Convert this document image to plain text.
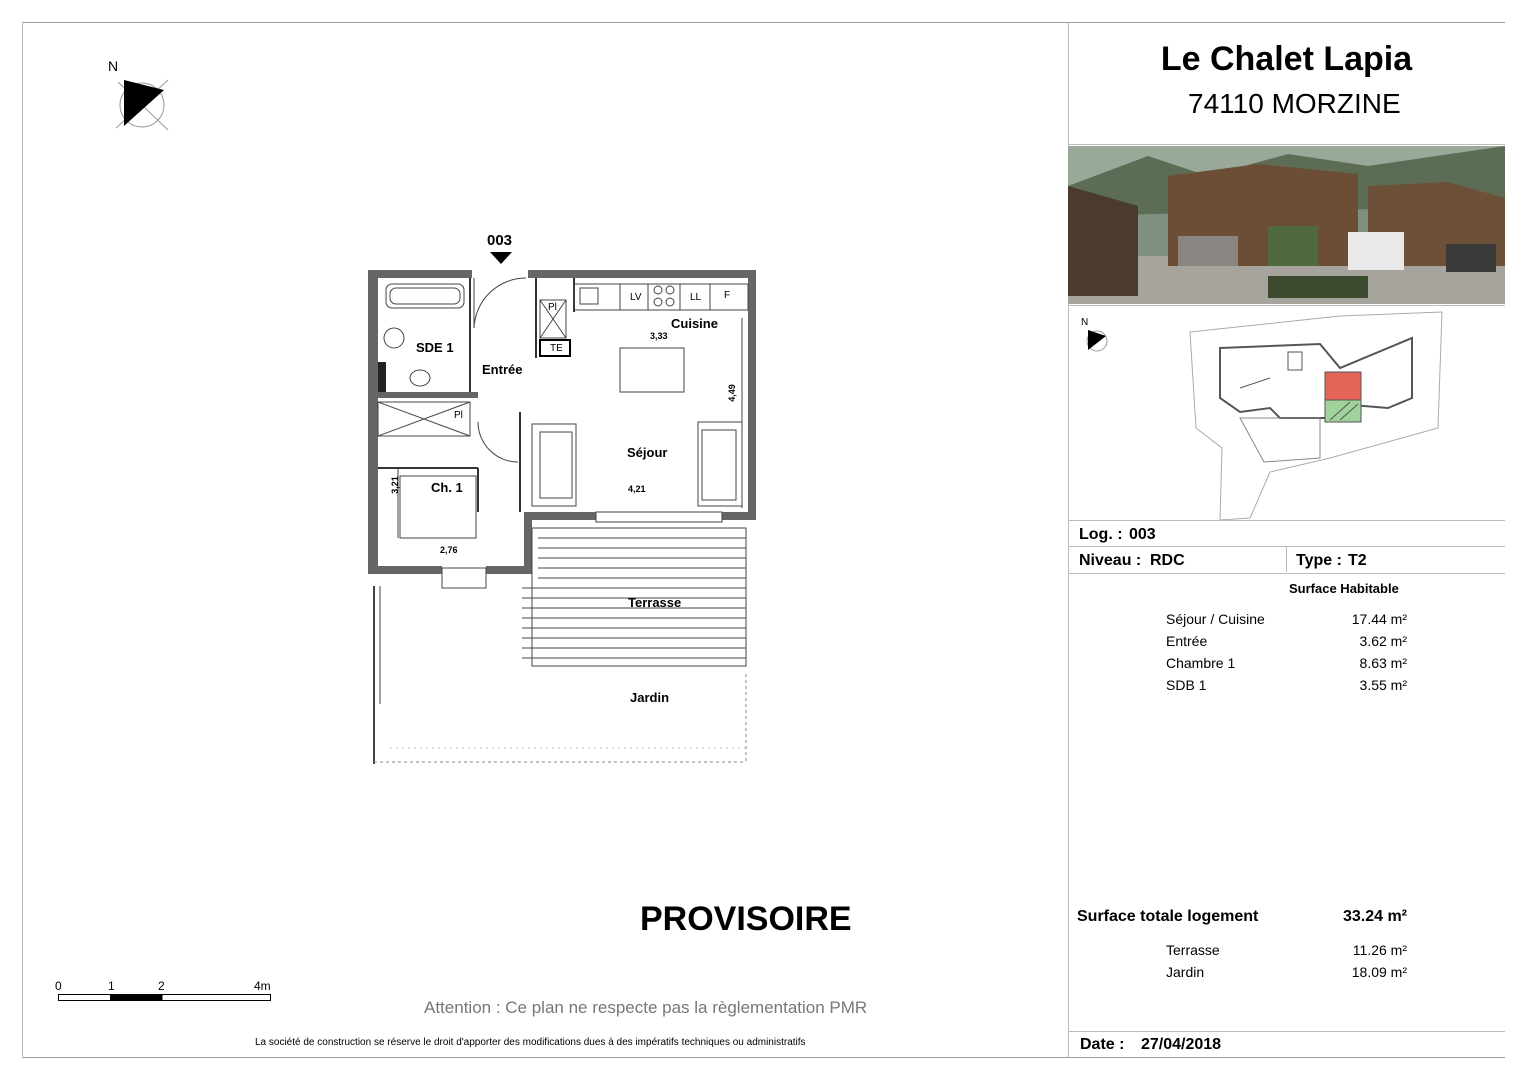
N
003
SDE 1
Entrée
Cuisine
Séjour
Ch. 1
Terrasse
Jardin
LV	LL F
Pl
Pl
TE
3,33
4,49
4,21
3,21
2,76
PROVISOIRE
0	1	2	4m
Attention : Ce plan ne respecte pas la règlementation PMR
La société de construction se réserve le droit d'apporter des modifications dues à des impératifs techniques ou administratifs
Le Chalet Lapia
74110 MORZINE
N
Log. : 003
Niveau : RDC	Type : T2
Surface Habitable
Séjour / Cuisine	17.44 m²
Entrée	3.62 m²
Chambre 1	8.63 m²
SDB 1	3.55 m²
Surface totale logement	33.24 m²
Terrasse	11.26 m²
Jardin	18.09 m²
Date : 27/04/2018
